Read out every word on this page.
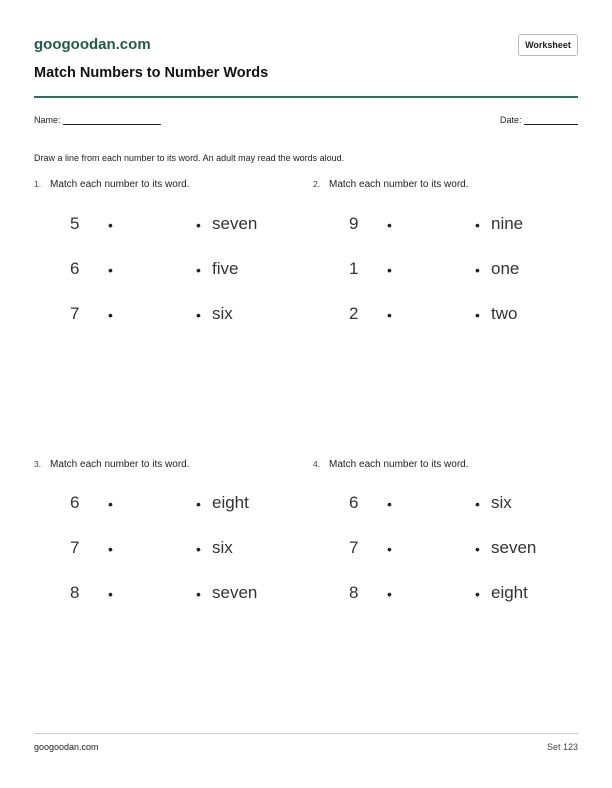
googoodan.com	Worksheet
Match Numbers to Number Words
Name:	Date:
Draw a line from each number to its word. An adult may read the words aloud.
1. Match each number to its word.
5 •	• seven
6 •	• five
7 •	• six
2. Match each number to its word.
9 •	• nine
1 •	• one
2 •	• two
3. Match each number to its word.
6 •	• eight
7 •	• six
8 •	• seven
4. Match each number to its word.
6 •	• six
7 •	• seven
8 •	• eight
googoodan.com	Set 123
